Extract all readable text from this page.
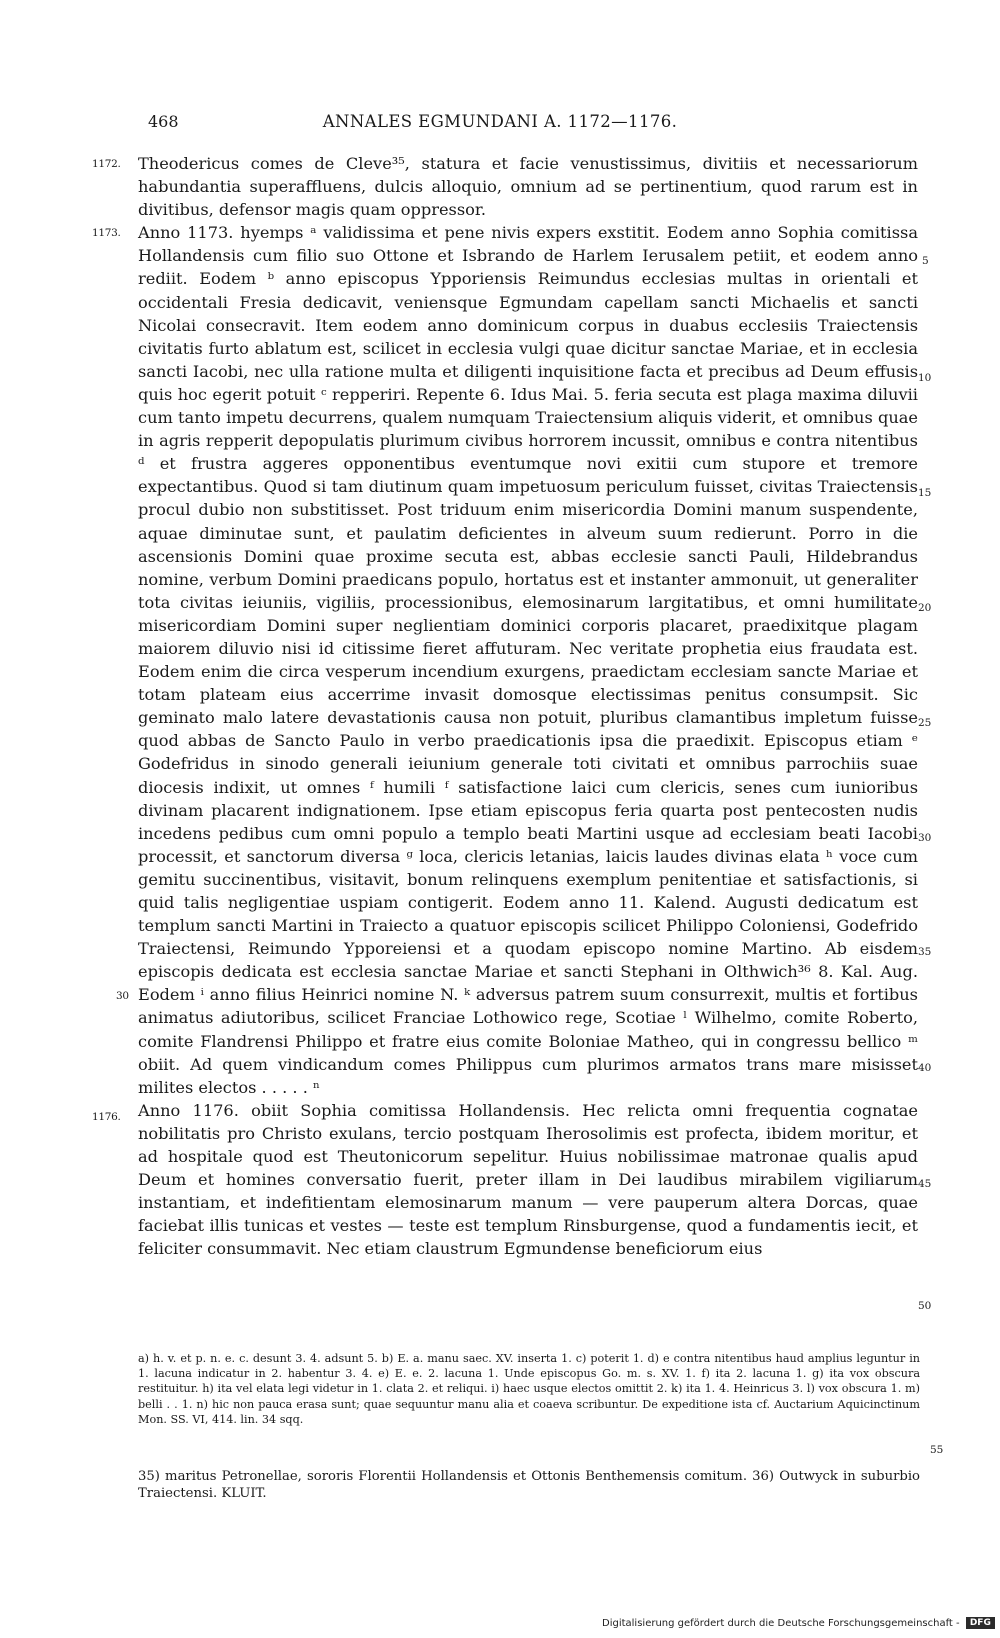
468	ANNALES EGMUNDANI A. 1172—1176.
1172.
1173.
1176.
30
5
10
15
20
25
30
35
40
45
50
55

Theodericus comes de Cleve³⁵, statura et facie venustissimus, divitiis et necessariorum habundantia superaffluens, dulcis alloquio, omnium ad se pertinentium, quod rarum est in divitibus, defensor magis quam oppressor.

Anno 1173. hyemps ᵃ validissima et pene nivis expers exstitit. Eodem anno Sophia comitissa Hollandensis cum filio suo Ottone et Isbrando de Harlem Ierusalem petiit, et eodem anno rediit. Eodem ᵇ anno episcopus Ypporiensis Reimundus ecclesias multas in orientali et occidentali Fresia dedicavit, veniensque Egmundam capellam sancti Michaelis et sancti Nicolai consecravit. Item eodem anno dominicum corpus in duabus ecclesiis Traiectensis civitatis furto ablatum est, scilicet in ecclesia vulgi quae dicitur sanctae Mariae, et in ecclesia sancti Iacobi, nec ulla ratione multa et diligenti inquisitione facta et precibus ad Deum effusis quis hoc egerit potuit ᶜ repperiri. Repente 6. Idus Mai. 5. feria secuta est plaga maxima diluvii cum tanto impetu decurrens, qualem numquam Traiectensium aliquis viderit, et omnibus quae in agris repperit depopulatis plurimum civibus horrorem incussit, omnibus e contra nitentibus ᵈ et frustra aggeres opponentibus eventumque novi exitii cum stupore et tremore expectantibus. Quod si tam diutinum quam impetuosum periculum fuisset, civitas Traiectensis procul dubio non substitisset. Post triduum enim misericordia Domini manum suspendente, aquae diminutae sunt, et paulatim deficientes in alveum suum redierunt. Porro in die ascensionis Domini quae proxime secuta est, abbas ecclesie sancti Pauli, Hildebrandus nomine, verbum Domini praedicans populo, hortatus est et instanter ammonuit, ut generaliter tota civitas ieiuniis, vigiliis, processionibus, elemosinarum largitatibus, et omni humilitate misericordiam Domini super neglientiam dominici corporis placaret, praedixitque plagam maiorem diluvio nisi id citissime fieret affuturam. Nec veritate prophetia eius fraudata est. Eodem enim die circa vesperum incendium exurgens, praedictam ecclesiam sancte Mariae et totam plateam eius accerrime invasit domosque electissimas penitus consumpsit. Sic geminato malo latere devastationis causa non potuit, pluribus clamantibus impletum fuisse quod abbas de Sancto Paulo in verbo praedicationis ipsa die praedixit. Episcopus etiam ᵉ Godefridus in sinodo generali ieiunium generale toti civitati et omnibus parrochiis suae diocesis indixit, ut omnes ᶠ humili ᶠ satisfactione laici cum clericis, senes cum iunioribus divinam placarent indignationem. Ipse etiam episcopus feria quarta post pentecosten nudis incedens pedibus cum omni populo a templo beati Martini usque ad ecclesiam beati Iacobi processit, et sanctorum diversa ᵍ loca, clericis letanias, laicis laudes divinas elata ʰ voce cum gemitu succinentibus, visitavit, bonum relinquens exemplum penitentiae et satisfactionis, si quid talis negligentiae uspiam contigerit. Eodem anno 11. Kalend. Augusti dedicatum est templum sancti Martini in Traiecto a quatuor episcopis scilicet Philippo Coloniensi, Godefrido Traiectensi, Reimundo Ypporeiensi et a quodam episcopo nomine Martino. Ab eisdem episcopis dedicata est ecclesia sanctae Mariae et sancti Stephani in Olthwich³⁶ 8. Kal. Aug. Eodem ⁱ anno filius Heinrici nomine N. ᵏ adversus patrem suum consurrexit, multis et fortibus animatus adiutoribus, scilicet Franciae Lothowico rege, Scotiae ˡ Wilhelmo, comite Roberto, comite Flandrensi Philippo et fratre eius comite Boloniae Matheo, qui in congressu bellico ᵐ obiit. Ad quem vindicandum comes Philippus cum plurimos armatos trans mare misisset milites electos . . . . . ⁿ

Anno 1176. obiit Sophia comitissa Hollandensis. Hec relicta omni frequentia cognatae nobilitatis pro Christo exulans, tercio postquam Iherosolimis est profecta, ibidem moritur, et ad hospitale quod est Theutonicorum sepelitur. Huius nobilissimae matronae qualis apud Deum et homines conversatio fuerit, preter illam in Dei laudibus mirabilem vigiliarum instantiam, et indefitientam elemosinarum manum — vere pauperum altera Dorcas, quae faciebat illis tunicas et vestes — teste est templum Rinsburgense, quod a fundamentis iecit, et feliciter consummavit. Nec etiam claustrum Egmundense beneficiorum eius

a) h. v. et p. n. e. c. desunt 3. 4. adsunt 5. b) E. a. manu saec. XV. inserta 1. c) poterit 1. d) e contra nitentibus haud amplius leguntur in 1. lacuna indicatur in 2. habentur 3. 4. e) E. e. 2. lacuna 1. Unde episcopus Go. m. s. XV. 1. f) ita 2. lacuna 1. g) ita vox obscura restituitur. h) ita vel elata legi videtur in 1. clata 2. et reliqui. i) haec usque electos omittit 2. k) ita 1. 4. Heinricus 3. l) vox obscura 1. m) belli . . 1. n) hic non pauca erasa sunt; quae sequuntur manu alia et coaeva scribuntur. De expeditione ista cf. Auctarium Aquicinctinum Mon. SS. VI, 414. lin. 34 sqq.

35) maritus Petronellae, sororis Florentii Hollandensis et Ottonis Benthemensis comitum. 36) Outwyck in suburbio Traiectensi. KLUIT.

Digitalisierung gefördert durch die Deutsche Forschungsgemeinschaft - DFG
